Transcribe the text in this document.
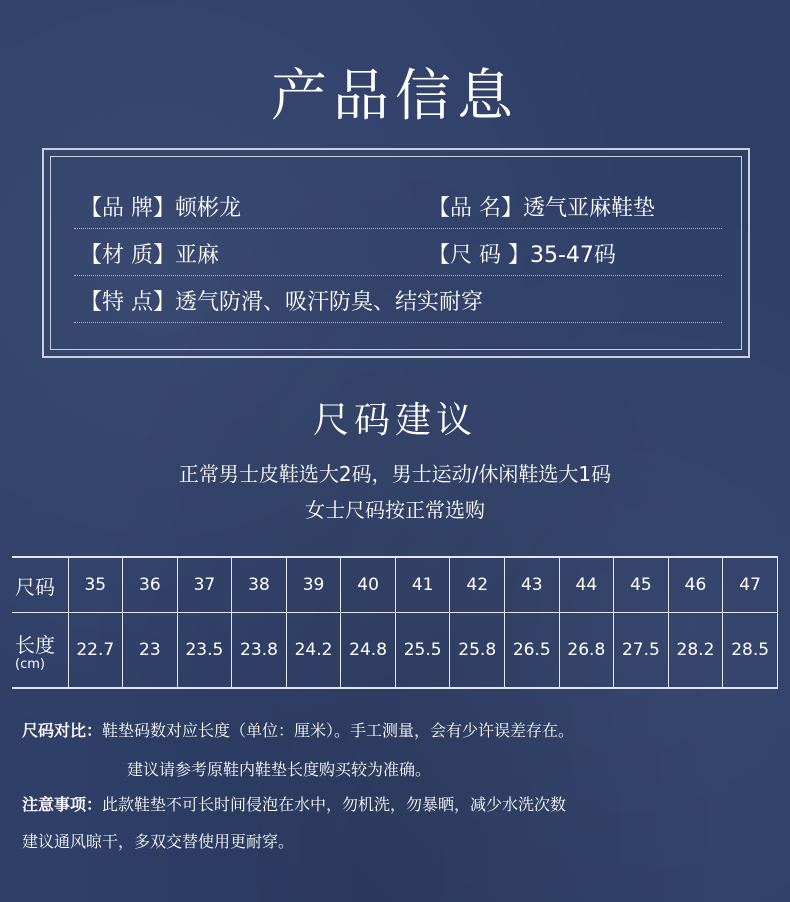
产品信息
【品 牌】顿彬龙	【品 名】透气亚麻鞋垫
【材 质】亚麻	【尺 码 】35-47码
【特 点】透气防滑、吸汗防臭、结实耐穿
尺码建议
正常男士皮鞋选大2码，男士运动/休闲鞋选大1码
女士尺码按正常选购
尺码	35	36	37	38	39	40	41	42	43	44	45	46	47
长度
(cm)	22.7	23	23.5	23.8	24.2	24.8	25.5	25.8	26.5	26.8	27.5	28.2	28.5
尺码对比：鞋垫码数对应长度（单位：厘米）。手工测量，会有少许误差存在。
建议请参考原鞋内鞋垫长度购买较为准确。
注意事项：此款鞋垫不可长时间侵泡在水中，勿机洗，勿暴晒，减少水洗次数
建议通风晾干，多双交替使用更耐穿。
